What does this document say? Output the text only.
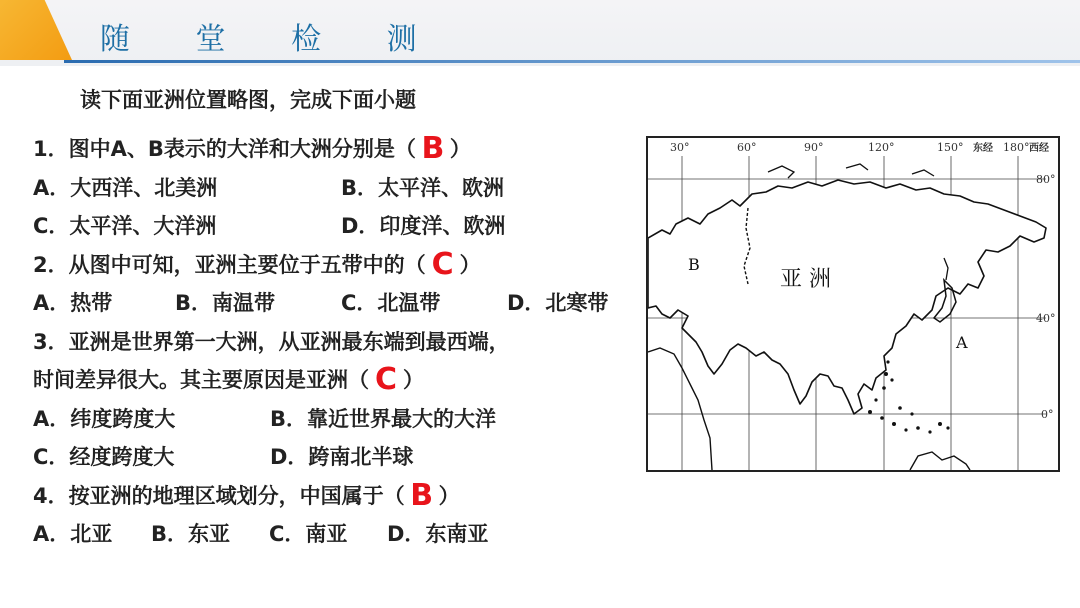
随 堂 检 测
读下面亚洲位置略图，完成下面小题
1．图中A、B表示的大洋和大洲分别是（ B ）
A．大西洋、北美洲	B．太平洋、欧洲
C．太平洋、大洋洲	D．印度洋、欧洲
2．从图中可知，亚洲主要位于五带中的（ C ）
A．热带	B．南温带	C．北温带	D．北寒带
3．亚洲是世界第一大洲，从亚洲最东端到最西端，
时间差异很大。其主要原因是亚洲（ C ）
A．纬度跨度大	B．靠近世界最大的大洋
C．经度跨度大	D．跨南北半球
4．按亚洲的地理区域划分，中国属于（ B ）
A．北亚 B．东亚 C．南亚 D．东南亚
30°	60°	90°	120°	150° 东经 180° 西经
80°
40°
0°
亚 洲
B
A
